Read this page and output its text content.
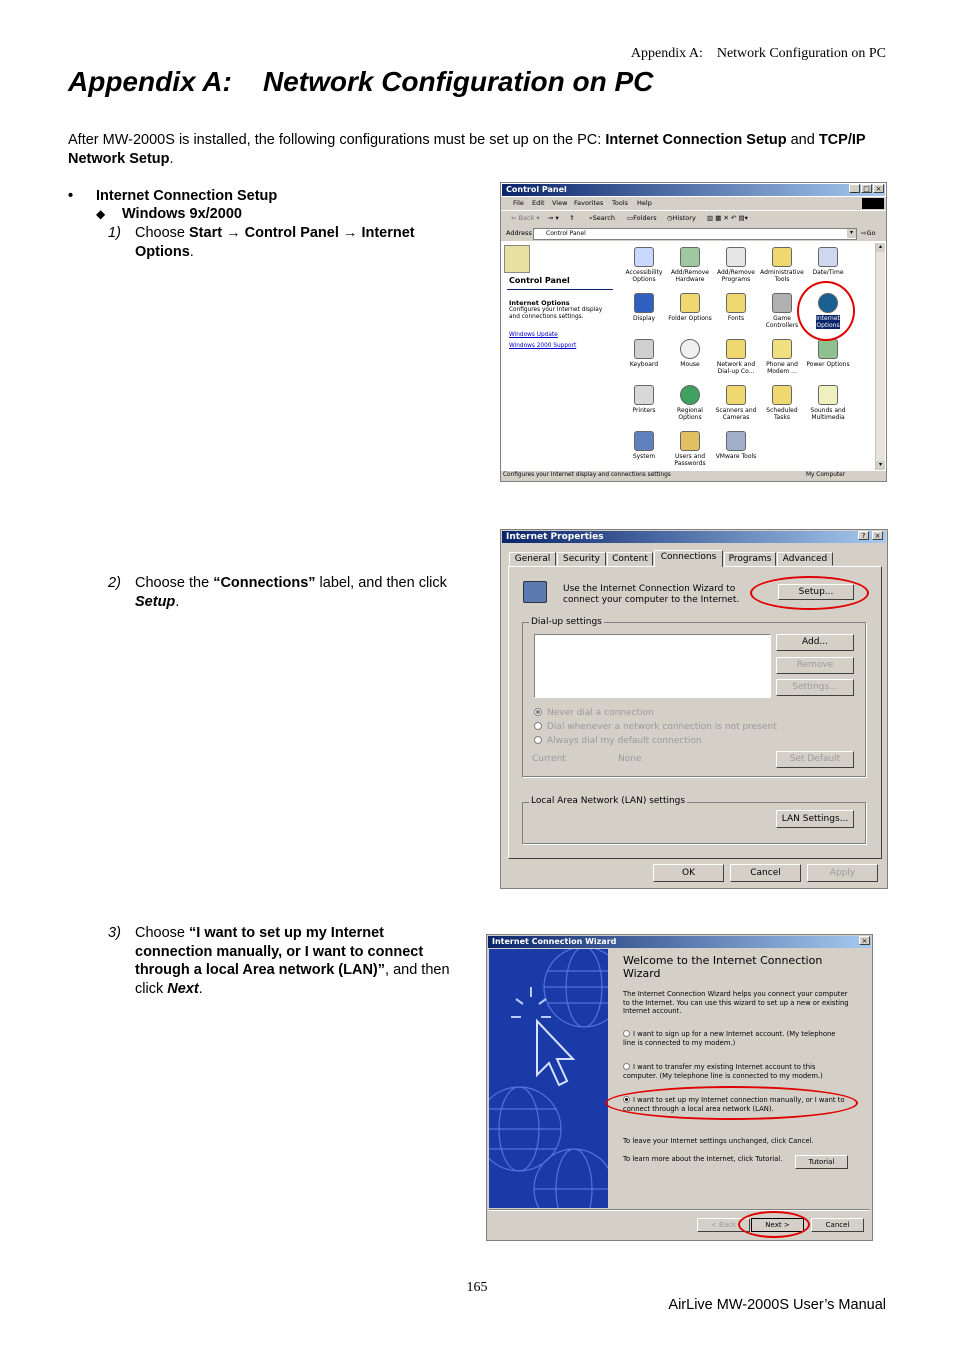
Appendix A:    Network Configuration on PC
Appendix A:    Network Configuration on PC
After MW-2000S is installed, the following configurations must be set up on the PC: Internet Connection Setup and TCP/IP Network Setup.
• Internet Connection Setup
◆ Windows 9x/2000
1) Choose Start → Control Panel → Internet Options.
2) Choose the “Connections” label, and then click Setup.
3) Choose “I want to set up my Internet connection manually, or I want to connect through a local Area network (LAN)”, and then click Next.
Control Panel	_ □ ×
File Edit View Favorites Tools Help
⇐ Back ▾ ⇒ ▾ ⇑ ⌕Search ▭Folders ◷History ▥ ▦ ✕ ↶ ▤▾
Address Control Panel	▾	⇨Go
Control Panel
Internet Options
Configures your Internet display and connections settings.
Windows Update
Windows 2000 Support
Accessibility Options
Add/Remove Hardware
Add/Remove Programs
Administrative Tools
Date/Time
Display	Folder Options	Fonts	Game Controllers
Internet Options
Keyboard	Mouse	Network and Dial-up Co...
Phone and Modem ...
Power Options
Printers	Regional Options
Scanners and Cameras
Scheduled Tasks
Sounds and Multimedia
System	Users and Passwords
VMware Tools
▴
▾
Configures your Internet display and connections settings	My Computer
Internet Properties	?	×
General	Security	Content	Connections	Programs	Advanced
Use the Internet Connection Wizard to connect your computer to the Internet.
Setup...
Dial-up settings
Add...
Remove
Settings...
Never dial a connection
Dial whenever a network connection is not present
Always dial my default connection
Current	None	Set Default
Local Area Network (LAN) settings
LAN Settings...
OK	Cancel	Apply
Internet Connection Wizard	×
Welcome to the Internet Connection Wizard
The Internet Connection Wizard helps you connect your computer to the Internet. You can use this wizard to set up a new or existing Internet account.
I want to sign up for a new Internet account. (My telephone line is connected to my modem.)
I want to transfer my existing Internet account to this computer. (My telephone line is connected to my modem.)
I want to set up my Internet connection manually, or I want to connect through a local area network (LAN).
To leave your Internet settings unchanged, click Cancel.
To learn more about the Internet, click Tutorial.	Tutorial
< Back	Next >	Cancel
165
AirLive MW-2000S User’s Manual
